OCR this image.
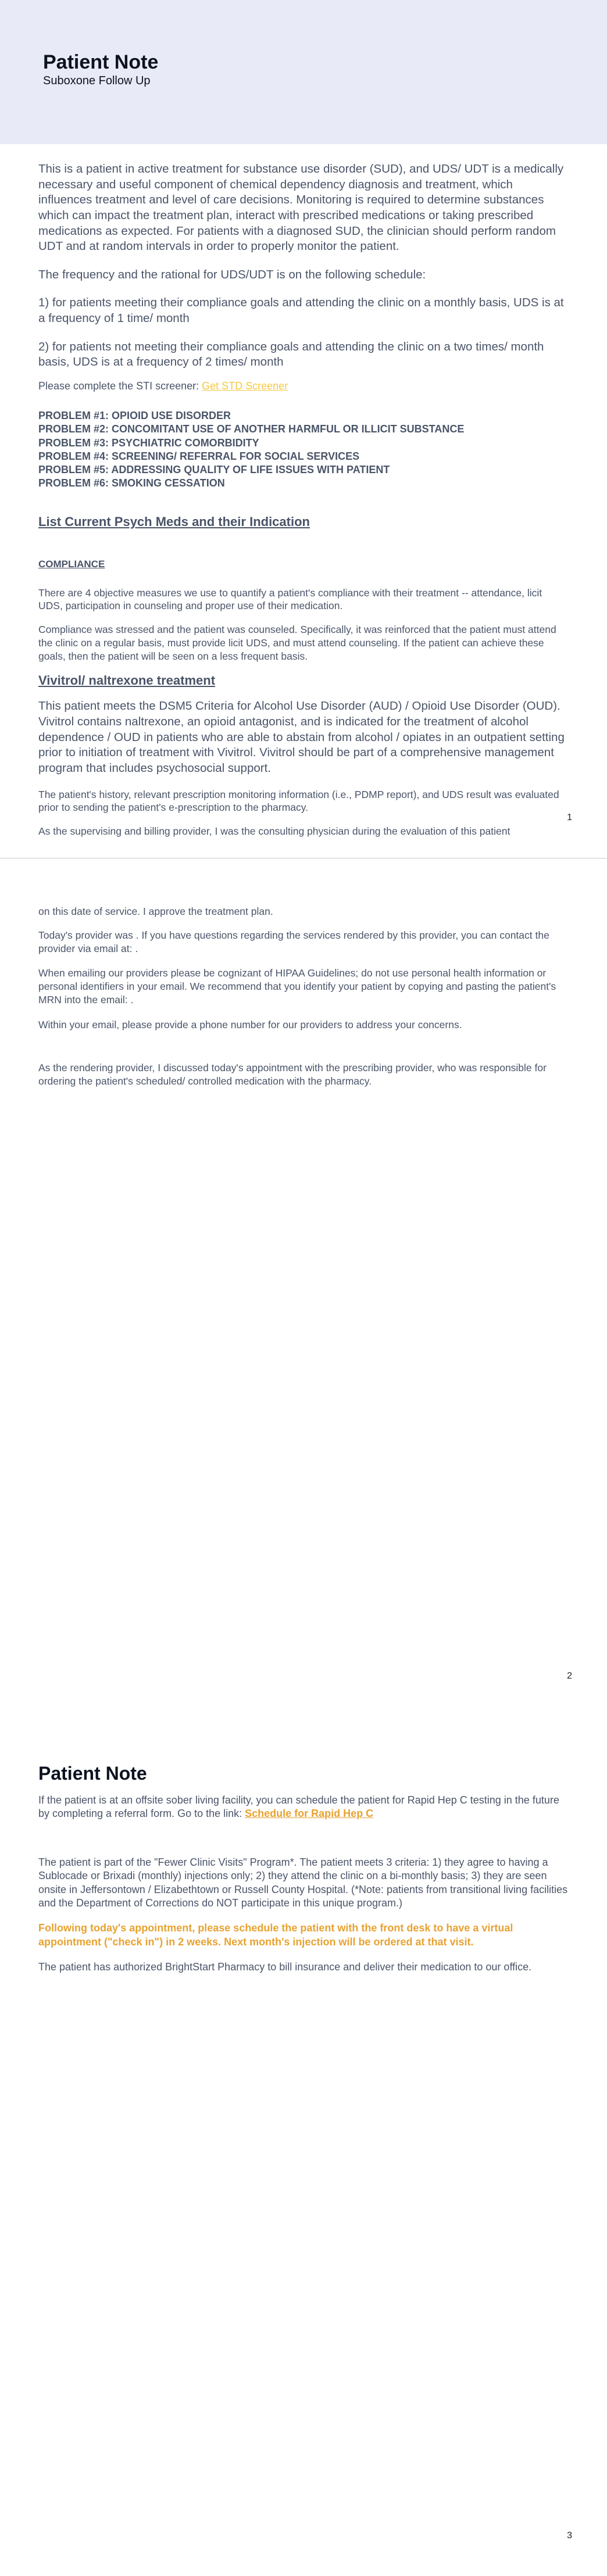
Patient Note
Suboxone Follow Up

This is a patient in active treatment for substance use disorder (SUD), and UDS/ UDT is a medically necessary and useful component of chemical dependency diagnosis and treatment, which influences treatment and level of care decisions. Monitoring is required to determine substances which can impact the treatment plan, interact with prescribed medications or taking prescribed medications as expected. For patients with a diagnosed SUD, the clinician should perform random UDT and at random intervals in order to properly monitor the patient.

The frequency and the rational for UDS/UDT is on the following schedule:

1) for patients meeting their compliance goals and attending the clinic on a monthly basis, UDS is at a frequency of 1 time/ month

2) for patients not meeting their compliance goals and attending the clinic on a two times/ month basis, UDS is at a frequency of 2 times/ month

Please complete the STI screener: Get STD Screener

PROBLEM #1: OPIOID USE DISORDER
PROBLEM #2: CONCOMITANT USE OF ANOTHER HARMFUL OR ILLICIT SUBSTANCE
PROBLEM #3: PSYCHIATRIC COMORBIDITY
PROBLEM #4: SCREENING/ REFERRAL FOR SOCIAL SERVICES
PROBLEM #5: ADDRESSING QUALITY OF LIFE ISSUES WITH PATIENT
PROBLEM #6: SMOKING CESSATION
List Current Psych Meds and their Indication
COMPLIANCE

There are 4 objective measures we use to quantify a patient's compliance with their treatment -- attendance, licit UDS, participation in counseling and proper use of their medication.

Compliance was stressed and the patient was counseled. Specifically, it was reinforced that the patient must attend the clinic on a regular basis, must provide licit UDS, and must attend counseling. If the patient can achieve these goals, then the patient will be seen on a less frequent basis.

Vivitrol/ naltrexone treatment

This patient meets the DSM5 Criteria for Alcohol Use Disorder (AUD) / Opioid Use Disorder (OUD). Vivitrol contains naltrexone, an opioid antagonist, and is indicated for the treatment of alcohol dependence / OUD in patients who are able to abstain from alcohol / opiates in an outpatient setting prior to initiation of treatment with Vivitrol. Vivitrol should be part of a comprehensive management program that includes psychosocial support.

The patient's history, relevant prescription monitoring information (i.e., PDMP report), and UDS result was evaluated prior to sending the patient's e-prescription to the pharmacy.

As the supervising and billing provider, I was the consulting physician during the evaluation of this patient

1

on this date of service. I approve the treatment plan.

Today's provider was . If you have questions regarding the services rendered by this provider, you can contact the provider via email at: .

When emailing our providers please be cognizant of HIPAA Guidelines; do not use personal health information or personal identifiers in your email. We recommend that you identify your patient by copying and pasting the patient's MRN into the email: .

Within your email, please provide a phone number for our providers to address your concerns.

As the rendering provider, I discussed today's appointment with the prescribing provider, who was responsible for ordering the patient's scheduled/ controlled medication with the pharmacy.

2
Patient Note

If the patient is at an offsite sober living facility, you can schedule the patient for Rapid Hep C testing in the future by completing a referral form. Go to the link: Schedule for Rapid Hep C

The patient is part of the "Fewer Clinic Visits" Program*. The patient meets 3 criteria: 1) they agree to having a Sublocade or Brixadi (monthly) injections only; 2) they attend the clinic on a bi-monthly basis; 3) they are seen onsite in Jeffersontown / Elizabethtown or Russell County Hospital. (*Note: patients from transitional living facilities and the Department of Corrections do NOT participate in this unique program.)

Following today's appointment, please schedule the patient with the front desk to have a virtual appointment ("check in") in 2 weeks. Next month's injection will be ordered at that visit.

The patient has authorized BrightStart Pharmacy to bill insurance and deliver their medication to our office.

3
